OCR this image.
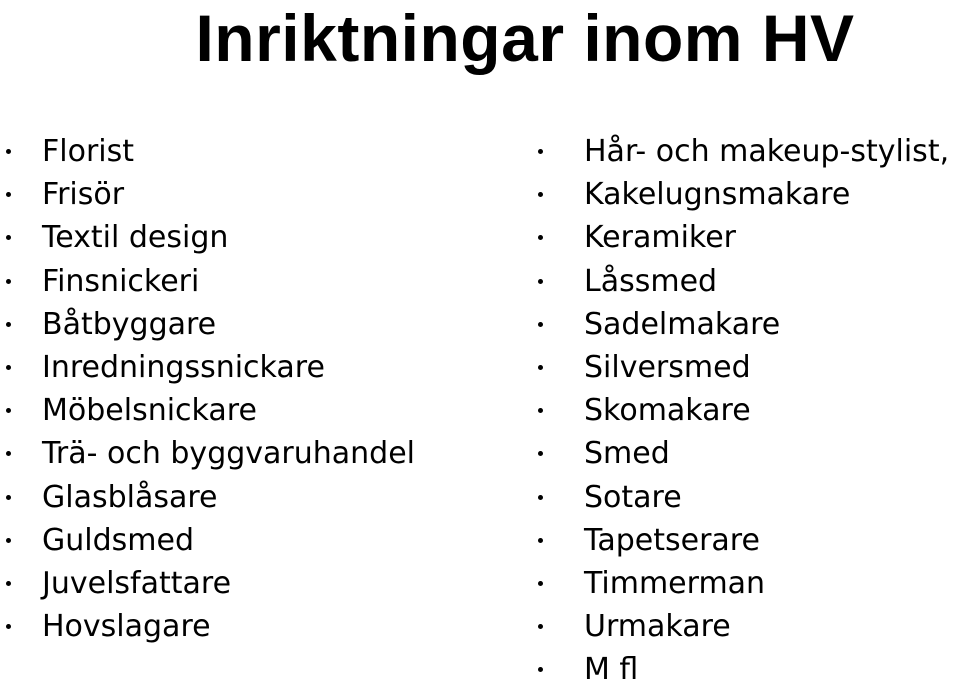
Inriktningar inom HV
Florist
Frisör
Textil design
Finsnickeri
Båtbyggare
Inredningssnickare
Möbelsnickare
Trä- och byggvaruhandel
Glasblåsare
Guldsmed
Juvelsfattare
Hovslagare
Hår- och makeup-stylist,
Kakelugnsmakare
Keramiker
Låssmed
Sadelmakare
Silversmed
Skomakare
Smed
Sotare
Tapetserare
Timmerman
Urmakare
M fl
